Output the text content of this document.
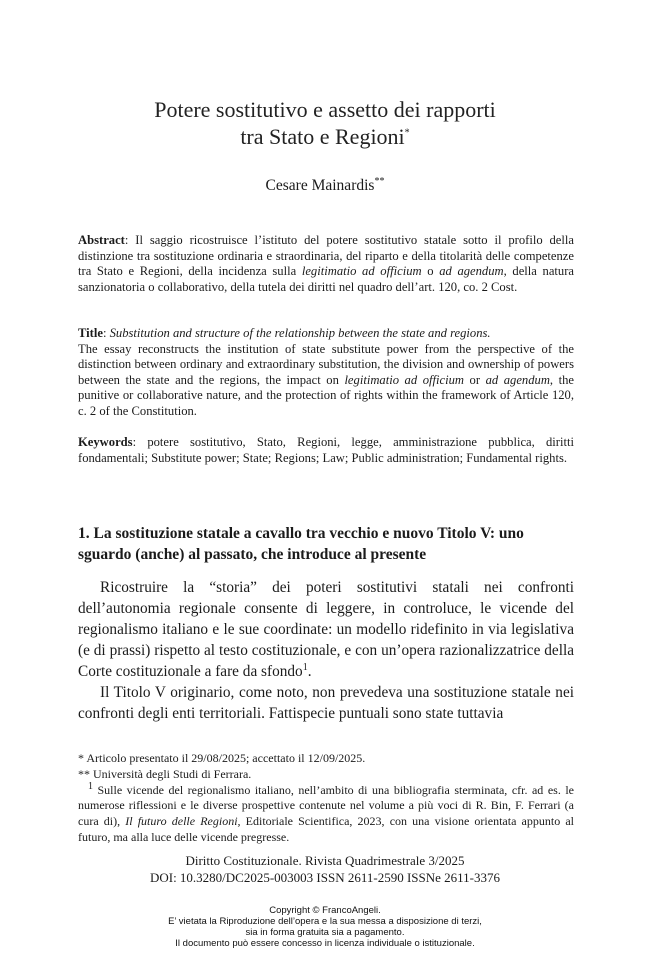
Potere sostitutivo e assetto dei rapporti
tra Stato e Regioni*
Cesare Mainardis**
Abstract: Il saggio ricostruisce l’istituto del potere sostitutivo statale sotto il profilo della distinzione tra sostituzione ordinaria e straordinaria, del riparto e della titolarità delle competenze tra Stato e Regioni, della incidenza sulla legitimatio ad officium o ad agendum, della natura sanzionatoria o collaborativo, della tutela dei diritti nel quadro dell’art. 120, co. 2 Cost.
Title: Substitution and structure of the relationship between the state and regions.
The essay reconstructs the institution of state substitute power from the perspective of the distinction between ordinary and extraordinary substitution, the division and ownership of powers between the state and the regions, the impact on legitimatio ad officium or ad agendum, the punitive or collaborative nature, and the protection of rights within the framework of Article 120, c. 2 of the Constitution.
Keywords: potere sostitutivo, Stato, Regioni, legge, amministrazione pubblica, diritti fondamentali; Substitute power; State; Regions; Law; Public administration; Fundamental rights.
1. La sostituzione statale a cavallo tra vecchio e nuovo Titolo V: uno sguardo (anche) al passato, che introduce al presente

Ricostruire la “storia” dei poteri sostitutivi statali nei confronti dell’autonomia regionale consente di leggere, in controluce, le vicende del regionalismo italiano e le sue coordinate: un modello ridefinito in via legislativa (e di prassi) rispetto al testo costituzionale, e con un’opera razionalizzatrice della Corte costituzionale a fare da sfondo$^1$.

Il Titolo V originario, come noto, non prevedeva una sostituzione statale nei confronti degli enti territoriali. Fattispecie puntuali sono state tuttavia

* Articolo presentato il 29/08/2025; accettato il 12/09/2025.

** Università degli Studi di Ferrara.

$^1$ Sulle vicende del regionalismo italiano, nell’ambito di una bibliografia sterminata, cfr. ad es. le numerose riflessioni e le diverse prospettive contenute nel volume a più voci di R. Bin, F. Ferrari (a cura di), Il futuro delle Regioni, Editoriale Scientifica, 2023, con una visione orientata appunto al futuro, ma alla luce delle vicende pregresse.

Diritto Costituzionale. Rivista Quadrimestrale 3/2025
DOI: 10.3280/DC2025-003003 ISSN 2611-2590 ISSNe 2611-3376
Copyright © FrancoAngeli.
E’ vietata la Riproduzione dell’opera e la sua messa a disposizione di terzi,
sia in forma gratuita sia a pagamento.
Il documento può essere concesso in licenza individuale o istituzionale.
